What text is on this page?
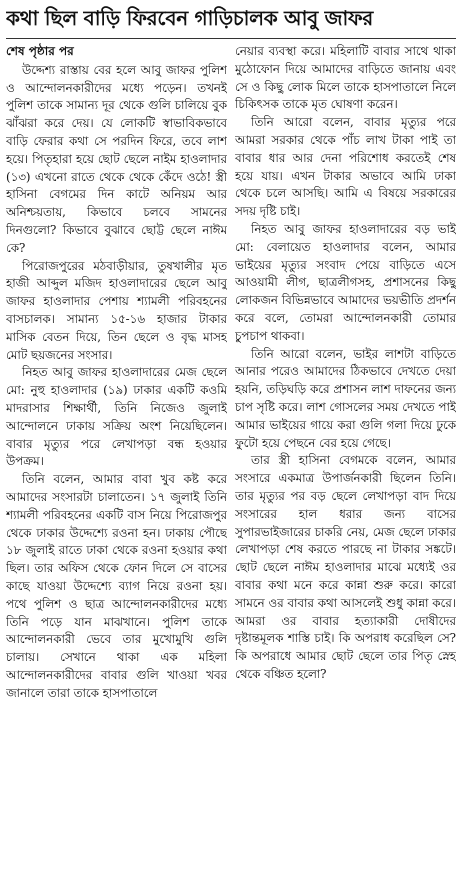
কথা ছিল বাড়ি ফিরবেন গাড়িচালক আবু জাফর

শেষ পৃষ্ঠার পর

উদ্দেশ্য রাস্তায় বের হলে আবু জাফর পুলিশ ও আন্দোলনকারীদের মধ্যে পড়েন। তখনই পুলিশ তাকে সামান্য দূর থেকে গুলি চালিয়ে বুক ঝাঁঝরা করে দেয়। যে লোকটি স্বাভাবিকভাবে বাড়ি ফেরার কথা সে পরদিন ফিরে, তবে লাশ হয়ে। পিতৃহারা হয়ে ছোট ছেলে নাইম হাওলাদার (১৩) এখনো রাতে থেকে থেকে কেঁদে ওঠে! স্ত্রী হাসিনা বেগমের দিন কাটে অনিয়ম আর অনিশ্চয়তায়, কিভাবে চলবে সামনের দিনগুলো? কিভাবে বুঝাবে ছোট্ট ছেলে নাঈম কে?

পিরোজপুরের মঠবাড়ীয়ার, তুষখালীর মৃত হাজী আব্দুল মজিদ হাওলাদারের ছেলে আবু জাফর হাওলাদার পেশায় শ্যামলী পরিবহনের বাসচালক। সামান্য ১৫-১৬ হাজার টাকার মাসিক বেতন দিয়ে, তিন ছেলে ও বৃদ্ধ মাসহ মোট ছয়জনের সংসার।

নিহত আবু জাফর হাওলাদারের মেজ ছেলে মো: নুহু হাওলাদার (১৯) ঢাকার একটি কওমি মাদরাসার শিক্ষার্থী, তিনি নিজেও জুলাই আন্দোলনে ঢাকায় সক্রিয় অংশ নিয়েছিলেন। বাবার মৃত্যুর পরে লেখাপড়া বন্ধ হওয়ার উপক্রম।

তিনি বলেন, আমার বাবা খুব কষ্ট করে আমাদের সংসারটা চালাতেন। ১৭ জুলাই তিনি শ্যামলী পরিবহনের একটি বাস নিয়ে পিরোজপুর থেকে ঢাকার উদ্দেশ্যে রওনা হন। ঢাকায় পৌছে ১৮ জুলাই রাতে ঢাকা থেকে রওনা হওয়ার কথা ছিল। তার অফিস থেকে ফোন দিলে সে বাসের কাছে যাওয়া উদ্দেশ্যে ব্যাগ নিয়ে রওনা হয়। পথে পুলিশ ও ছাত্র আন্দোলনকারীদের মধ্যে তিনি পড়ে যান মাঝখানে। পুলিশ তাকে আন্দোলনকারী ভেবে তার মুখোমুখি গুলি চালায়। সেখানে থাকা এক মহিলা আন্দোলনকারীদের বাবার গুলি খাওয়া খবর জানালে তারা তাকে হাসপাতালে

নেয়ার ব্যবস্থা করে। মহিলাটি বাবার সাথে থাকা মুঠোফোন দিয়ে আমাদের বাড়িতে জানায় এবং সে ও কিছু লোক মিলে তাকে হাসপাতালে নিলে চিকিৎসক তাকে মৃত ঘোষণা করেন।

তিনি আরো বলেন, বাবার মৃত্যুর পরে আমরা সরকার থেকে পাঁচ লাখ টাকা পাই তা বাবার ধার আর দেনা পরিশোধ করতেই শেষ হয়ে যায়। এখন টাকার অভাবে আমি ঢাকা থেকে চলে আসছি। আমি এ বিষয়ে সরকারের সদয় দৃষ্টি চাই।

নিহত আবু জাফর হাওলাদারের বড় ভাই মো: বেলায়েত হাওলাদার বলেন, আমার ভাইয়ের মৃত্যুর সংবাদ পেয়ে বাড়িতে এসে আওয়ামী লীগ, ছাত্রলীগসহ, প্রশাসনের কিছু লোকজন বিভিন্নভাবে আমাদের ভয়ভীতি প্রদর্শন করে বলে, তোমরা আন্দোলনকারী তোমার চুপচাপ থাকবা।

তিনি আরো বলেন, ভাইর লাশটা বাড়িতে আনার পরেও আমাদের ঠিকভাবে দেখতে দেয়া হয়নি, তড়িঘড়ি করে প্রশাসন লাশ দাফনের জন্য চাপ সৃষ্টি করে। লাশ গোসলের সময় দেখতে পাই আমার ভাইয়ের গায়ে করা গুলি গলা দিয়ে ঢুকে ফুটো হয়ে পেছনে বের হয়ে গেছে।

তার স্ত্রী হাসিনা বেগমকে বলেন, আমার সংসারে একমাত্র উপার্জনকারী ছিলেন তিনি। তার মৃত্যুর পর বড় ছেলে লেখাপড়া বাদ দিয়ে সংসারের হাল ধরার জন্য বাসের সুপারভাইজারের চাকরি নেয়, মেজ ছেলে ঢাকার লেখাপড়া শেষ করতে পারছে না টাকার সঙ্কটে। ছোট ছেলে নাঈম হাওলাদার মাঝে মধ্যেই ওর বাবার কথা মনে করে কান্না শুরু করে। কারো সামনে ওর বাবার কথা আসলেই শুধু কান্না করে। আমরা ওর বাবার হত্যাকারী দোষীদের দৃষ্টান্তমূলক শাস্তি চাই। কি অপরাধ করেছিল সে? কি অপরাধে আমার ছোট ছেলে তার পিতৃ স্নেহ থেকে বঞ্চিত হলো?
